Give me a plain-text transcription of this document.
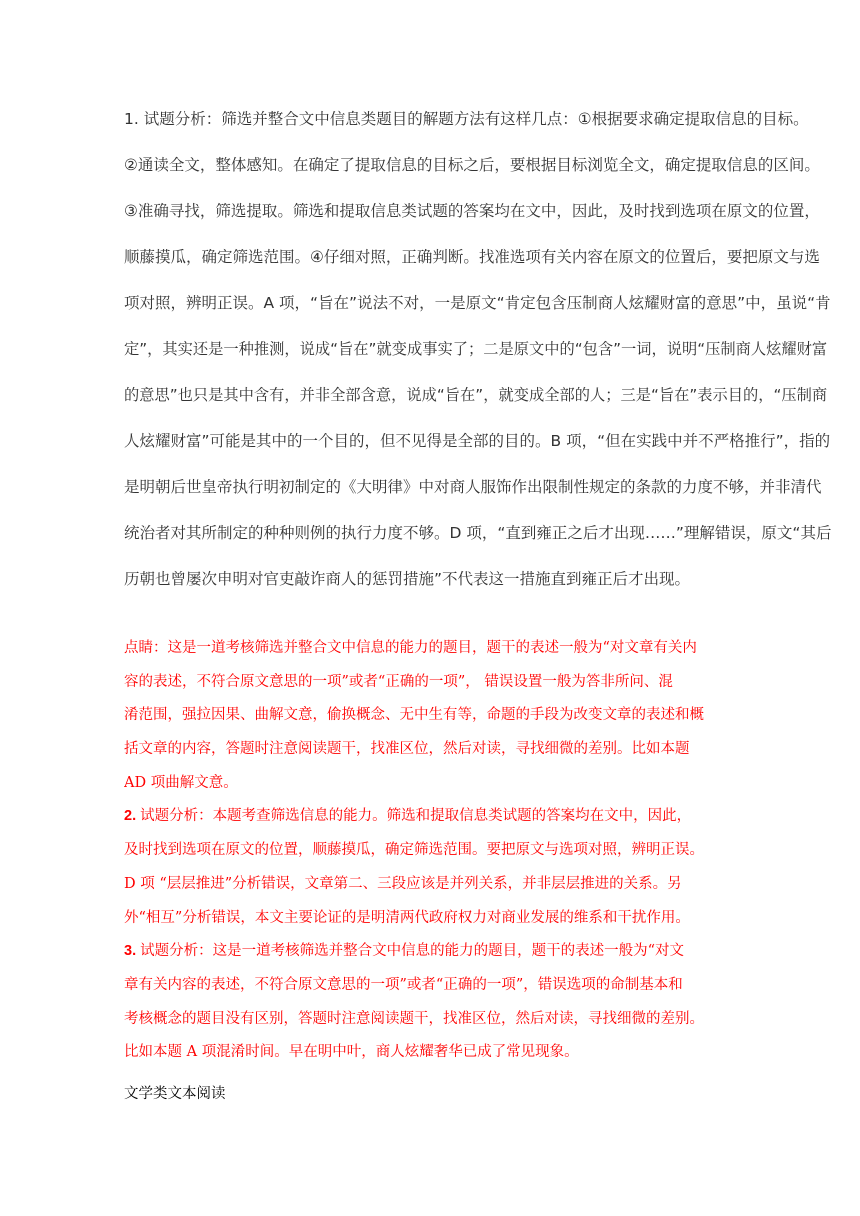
1. 试题分析：筛选并整合文中信息类题目的解题方法有这样几点：①根据要求确定提取信息的目标。
②通读全文，整体感知。在确定了提取信息的目标之后，要根据目标浏览全文，确定提取信息的区间。
③准确寻找，筛选提取。筛选和提取信息类试题的答案均在文中，因此，及时找到选项在原文的位置，
顺藤摸瓜，确定筛选范围。④仔细对照，正确判断。找准选项有关内容在原文的位置后，要把原文与选
项对照，辨明正误。A 项，“旨在”说法不对，一是原文“肯定包含压制商人炫耀财富的意思”中，虽说“肯
定”，其实还是一种推测，说成“旨在”就变成事实了；二是原文中的“包含”一词，说明“压制商人炫耀财富
的意思”也只是其中含有，并非全部含意，说成“旨在”，就变成全部的人；三是“旨在”表示目的，“压制商
人炫耀财富”可能是其中的一个目的，但不见得是全部的目的。B 项，“但在实践中并不严格推行”，指的
是明朝后世皇帝执行明初制定的《大明律》中对商人服饰作出限制性规定的条款的力度不够，并非清代
统治者对其所制定的种种则例的执行力度不够。D 项，“直到雍正之后才出现……”理解错误，原文“其后
历朝也曾屡次申明对官吏敲诈商人的惩罚措施”不代表这一措施直到雍正后才出现。
点睛：这是一道考核筛选并整合文中信息的能力的题目，题干的表述一般为“对文章有关内
容的表述，不符合原文意思的一项”或者“正确的一项”， 错误设置一般为答非所问、混
淆范围，强拉因果、曲解文意，偷换概念、无中生有等，命题的手段为改变文章的表述和概
括文章的内容，答题时注意阅读题干，找准区位，然后对读，寻找细微的差别。比如本题
AD 项曲解文意。
2. 试题分析：本题考查筛选信息的能力。筛选和提取信息类试题的答案均在文中，因此，
及时找到选项在原文的位置，顺藤摸瓜，确定筛选范围。要把原文与选项对照，辨明正误。
D 项 “层层推进”分析错误，文章第二、三段应该是并列关系，并非层层推进的关系。另
外“相互”分析错误，本文主要论证的是明清两代政府权力对商业发展的维系和干扰作用。
3. 试题分析：这是一道考核筛选并整合文中信息的能力的题目，题干的表述一般为“对文
章有关内容的表述，不符合原文意思的一项”或者“正确的一项”，错误选项的命制基本和
考核概念的题目没有区别，答题时注意阅读题干，找准区位，然后对读，寻找细微的差别。
比如本题 A 项混淆时间。早在明中叶，商人炫耀奢华已成了常见现象。
文学类文本阅读
